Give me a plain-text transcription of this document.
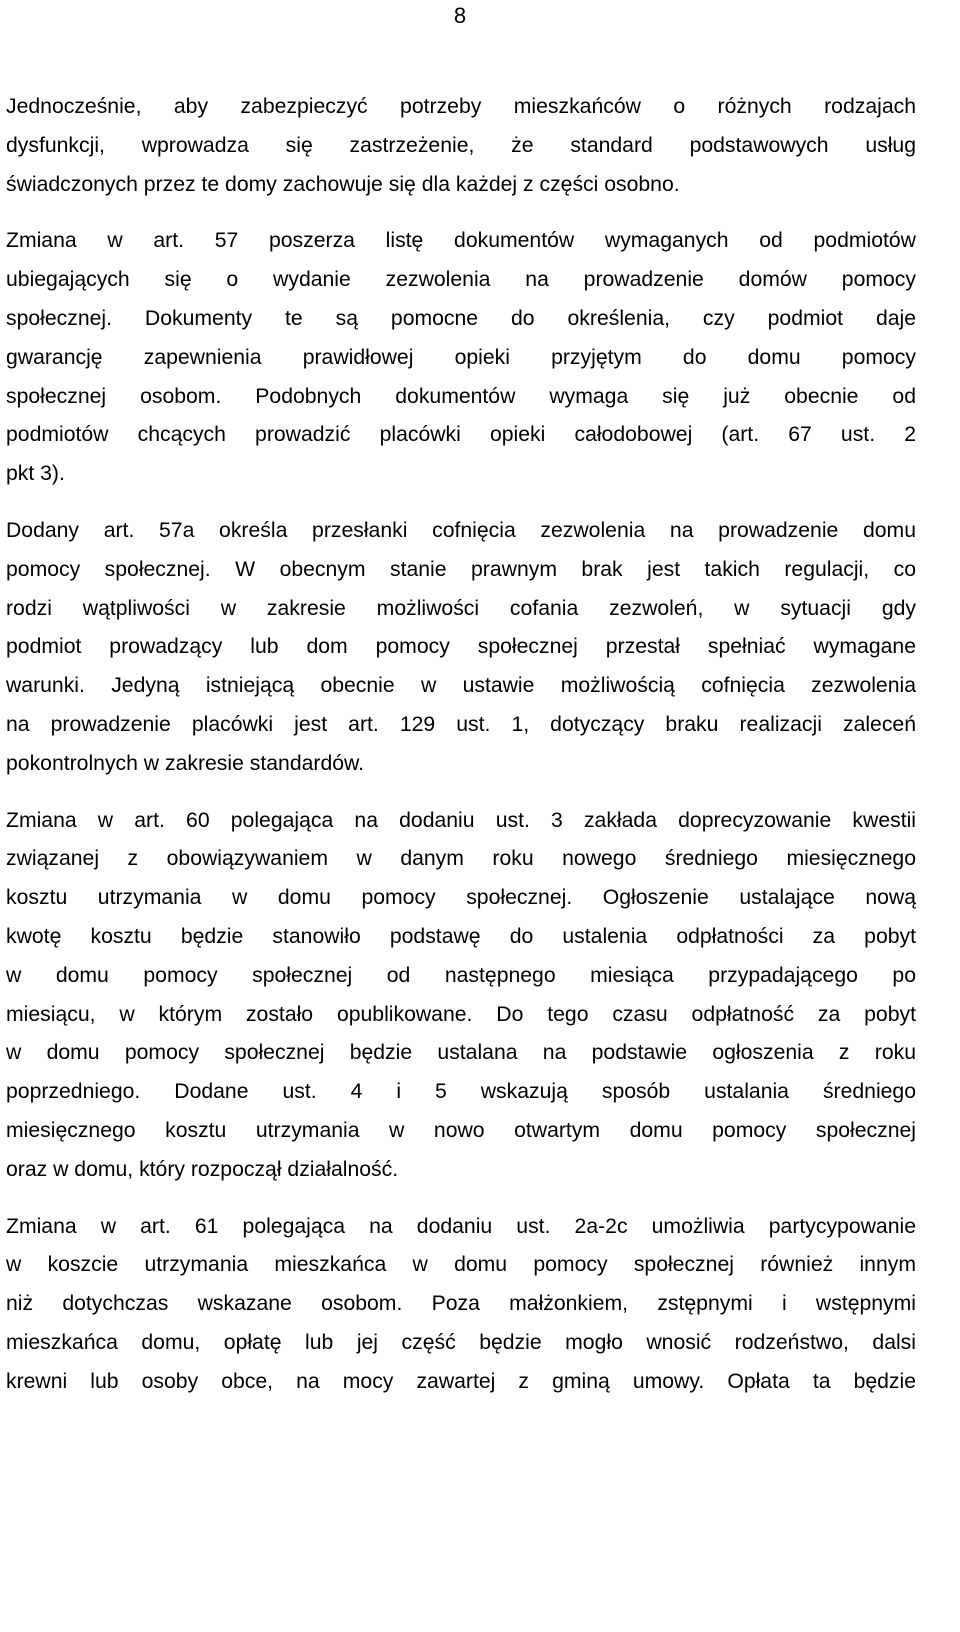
8
Jednocześnie, aby zabezpieczyć potrzeby mieszkańców o różnych rodzajach
dysfunkcji, wprowadza się zastrzeżenie, że standard podstawowych usług
świadczonych przez te domy zachowuje się dla każdej z części osobno.
Zmiana w art. 57 poszerza listę dokumentów wymaganych od podmiotów
ubiegających się o wydanie zezwolenia na prowadzenie domów pomocy
społecznej. Dokumenty te są pomocne do określenia, czy podmiot daje
gwarancję zapewnienia prawidłowej opieki przyjętym do domu pomocy
społecznej osobom. Podobnych dokumentów wymaga się już obecnie od
podmiotów chcących prowadzić placówki opieki całodobowej (art. 67 ust. 2
pkt 3).
Dodany art. 57a określa przesłanki cofnięcia zezwolenia na prowadzenie domu
pomocy społecznej. W obecnym stanie prawnym brak jest takich regulacji, co
rodzi wątpliwości w zakresie możliwości cofania zezwoleń, w sytuacji gdy
podmiot prowadzący lub dom pomocy społecznej przestał spełniać wymagane
warunki. Jedyną istniejącą obecnie w ustawie możliwością cofnięcia zezwolenia
na prowadzenie placówki jest art. 129 ust. 1, dotyczący braku realizacji zaleceń
pokontrolnych w zakresie standardów.
Zmiana w art. 60 polegająca na dodaniu ust. 3 zakłada doprecyzowanie kwestii
związanej z obowiązywaniem w danym roku nowego średniego miesięcznego
kosztu utrzymania w domu pomocy społecznej. Ogłoszenie ustalające nową
kwotę kosztu będzie stanowiło podstawę do ustalenia odpłatności za pobyt
w domu pomocy społecznej od następnego miesiąca przypadającego po
miesiącu, w którym zostało opublikowane. Do tego czasu odpłatność za pobyt
w domu pomocy społecznej będzie ustalana na podstawie ogłoszenia z roku
poprzedniego. Dodane ust. 4 i 5 wskazują sposób ustalania średniego
miesięcznego kosztu utrzymania w nowo otwartym domu pomocy społecznej
oraz w domu, który rozpoczął działalność.
Zmiana w art. 61 polegająca na dodaniu ust. 2a-2c umożliwia partycypowanie
w koszcie utrzymania mieszkańca w domu pomocy społecznej również innym
niż dotychczas wskazane osobom. Poza małżonkiem, zstępnymi i wstępnymi
mieszkańca domu, opłatę lub jej część będzie mogło wnosić rodzeństwo, dalsi
krewni lub osoby obce, na mocy zawartej z gminą umowy. Opłata ta będzie
